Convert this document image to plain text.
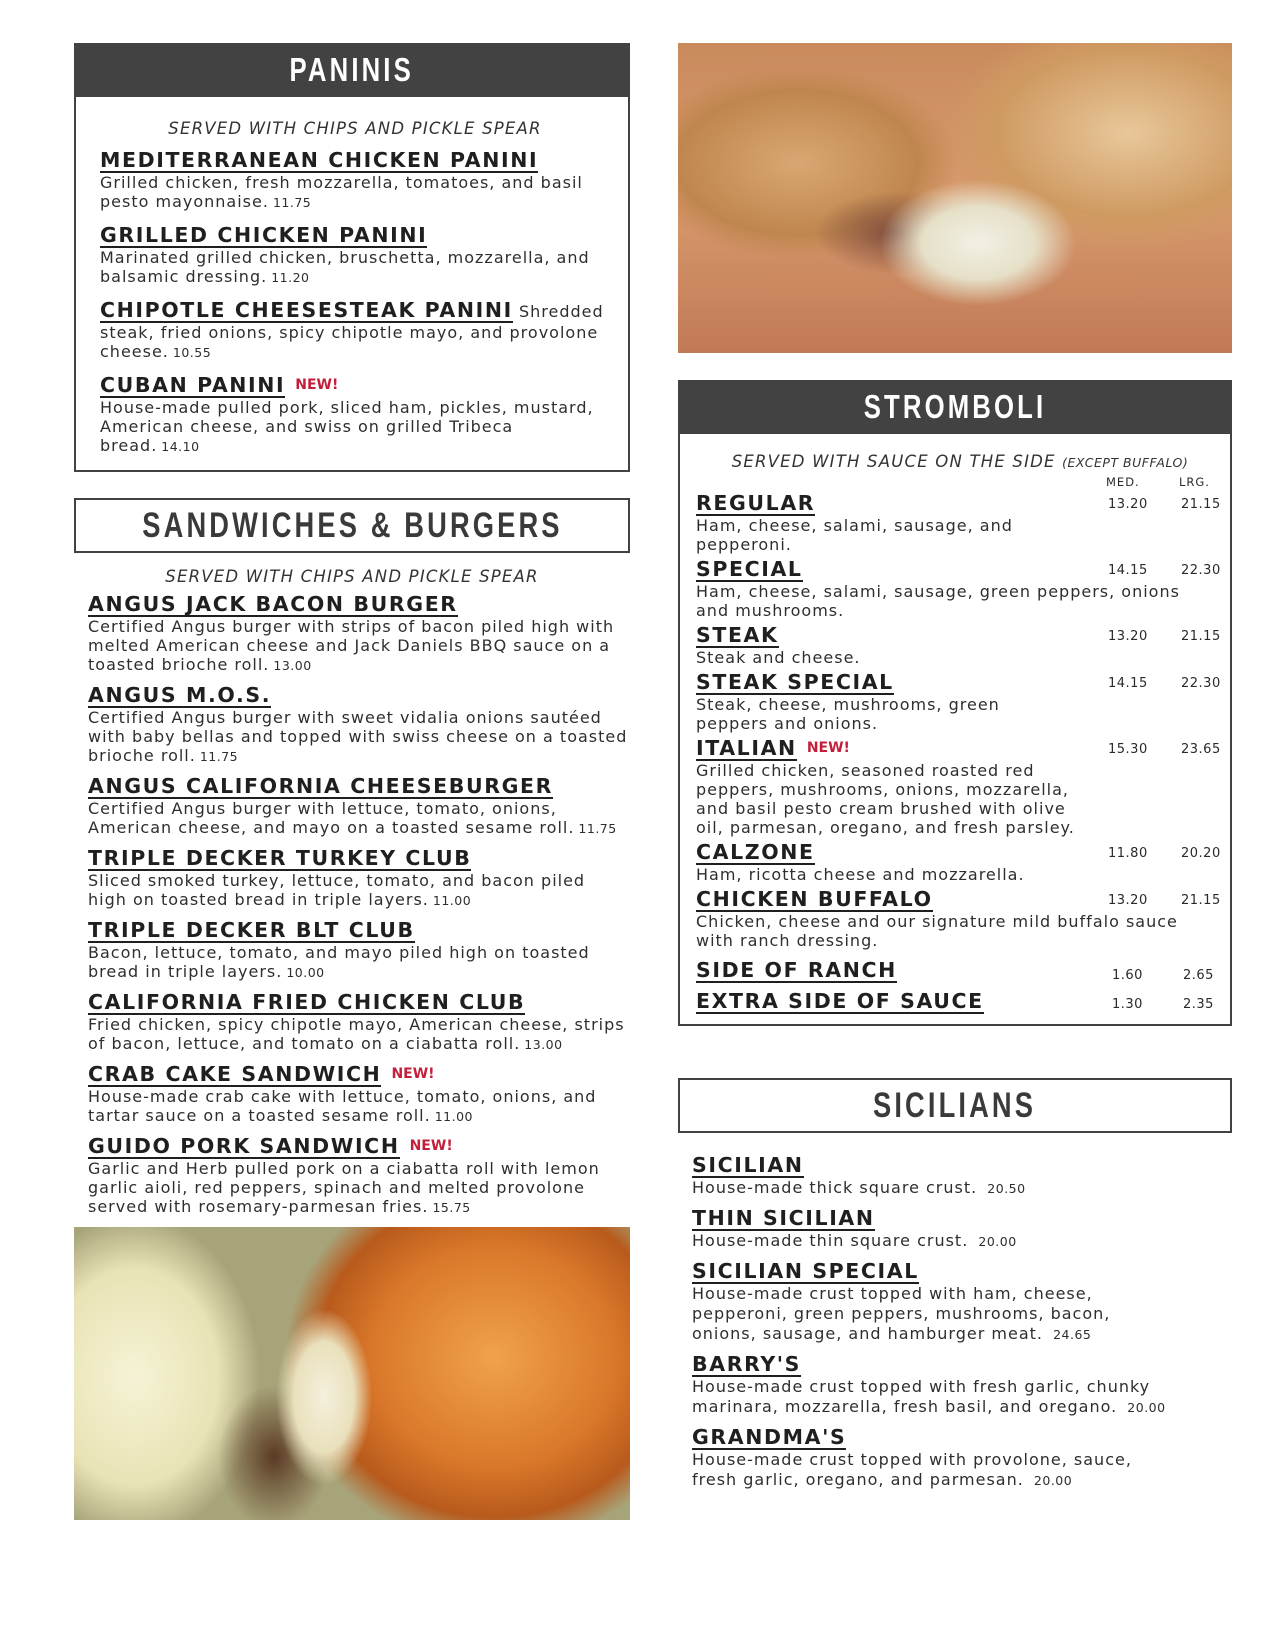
PANINIS
SERVED WITH CHIPS AND PICKLE SPEAR
MEDITERRANEAN CHICKEN PANINI
Grilled chicken, fresh mozzarella, tomatoes, and basil pesto mayonnaise. 11.75
GRILLED CHICKEN PANINI
Marinated grilled chicken, bruschetta, mozzarella, and balsamic dressing. 11.20
CHIPOTLE CHEESESTEAK PANINI Shredded steak, fried onions, spicy chipotle mayo, and provolone cheese. 10.55
CUBAN PANINI NEW!
House-made pulled pork, sliced ham, pickles, mustard, American cheese, and swiss on grilled Tribeca bread. 14.10
SANDWICHES & BURGERS
SERVED WITH CHIPS AND PICKLE SPEAR
ANGUS JACK BACON BURGER
Certified Angus burger with strips of bacon piled high with melted American cheese and Jack Daniels BBQ sauce on a toasted brioche roll. 13.00
ANGUS M.O.S.
Certified Angus burger with sweet vidalia onions sautéed with baby bellas and topped with swiss cheese on a toasted brioche roll. 11.75
ANGUS CALIFORNIA CHEESEBURGER
Certified Angus burger with lettuce, tomato, onions, American cheese, and mayo on a toasted sesame roll. 11.75
TRIPLE DECKER TURKEY CLUB
Sliced smoked turkey, lettuce, tomato, and bacon piled high on toasted bread in triple layers. 11.00
TRIPLE DECKER BLT CLUB
Bacon, lettuce, tomato, and mayo piled high on toasted bread in triple layers. 10.00
CALIFORNIA FRIED CHICKEN CLUB
Fried chicken, spicy chipotle mayo, American cheese, strips of bacon, lettuce, and tomato on a ciabatta roll. 13.00
CRAB CAKE SANDWICH NEW!
House-made crab cake with lettuce, tomato, onions, and tartar sauce on a toasted sesame roll. 11.00
GUIDO PORK SANDWICH NEW!
Garlic and Herb pulled pork on a ciabatta roll with lemon garlic aioli, red peppers, spinach and melted provolone served with rosemary-parmesan fries. 15.75
STROMBOLI
SERVED WITH SAUCE ON THE SIDE (EXCEPT BUFFALO)
MED.	LRG.
REGULAR	13.20	21.15
Ham, cheese, salami, sausage, and pepperoni.
SPECIAL	14.15	22.30
Ham, cheese, salami, sausage, green peppers, onions and mushrooms.
STEAK	13.20	21.15
Steak and cheese.
STEAK SPECIAL	14.15	22.30
Steak, cheese, mushrooms, green peppers and onions.
ITALIAN NEW!	15.30	23.65
Grilled chicken, seasoned roasted red peppers, mushrooms, onions, mozzarella, and basil pesto cream brushed with olive oil, parmesan, oregano, and fresh parsley.
CALZONE	11.80	20.20
Ham, ricotta cheese and mozzarella.
CHICKEN BUFFALO	13.20	21.15
Chicken, cheese and our signature mild buffalo sauce with ranch dressing.
SIDE OF RANCH	1.60	2.65
EXTRA SIDE OF SAUCE	1.30	2.35
SICILIANS
SICILIAN
House-made thick square crust. 20.50
THIN SICILIAN
House-made thin square crust. 20.00
SICILIAN SPECIAL
House-made crust topped with ham, cheese, pepperoni, green peppers, mushrooms, bacon, onions, sausage, and hamburger meat. 24.65
BARRY'S
House-made crust topped with fresh garlic, chunky marinara, mozzarella, fresh basil, and oregano. 20.00
GRANDMA'S
House-made crust topped with provolone, sauce, fresh garlic, oregano, and parmesan. 20.00
